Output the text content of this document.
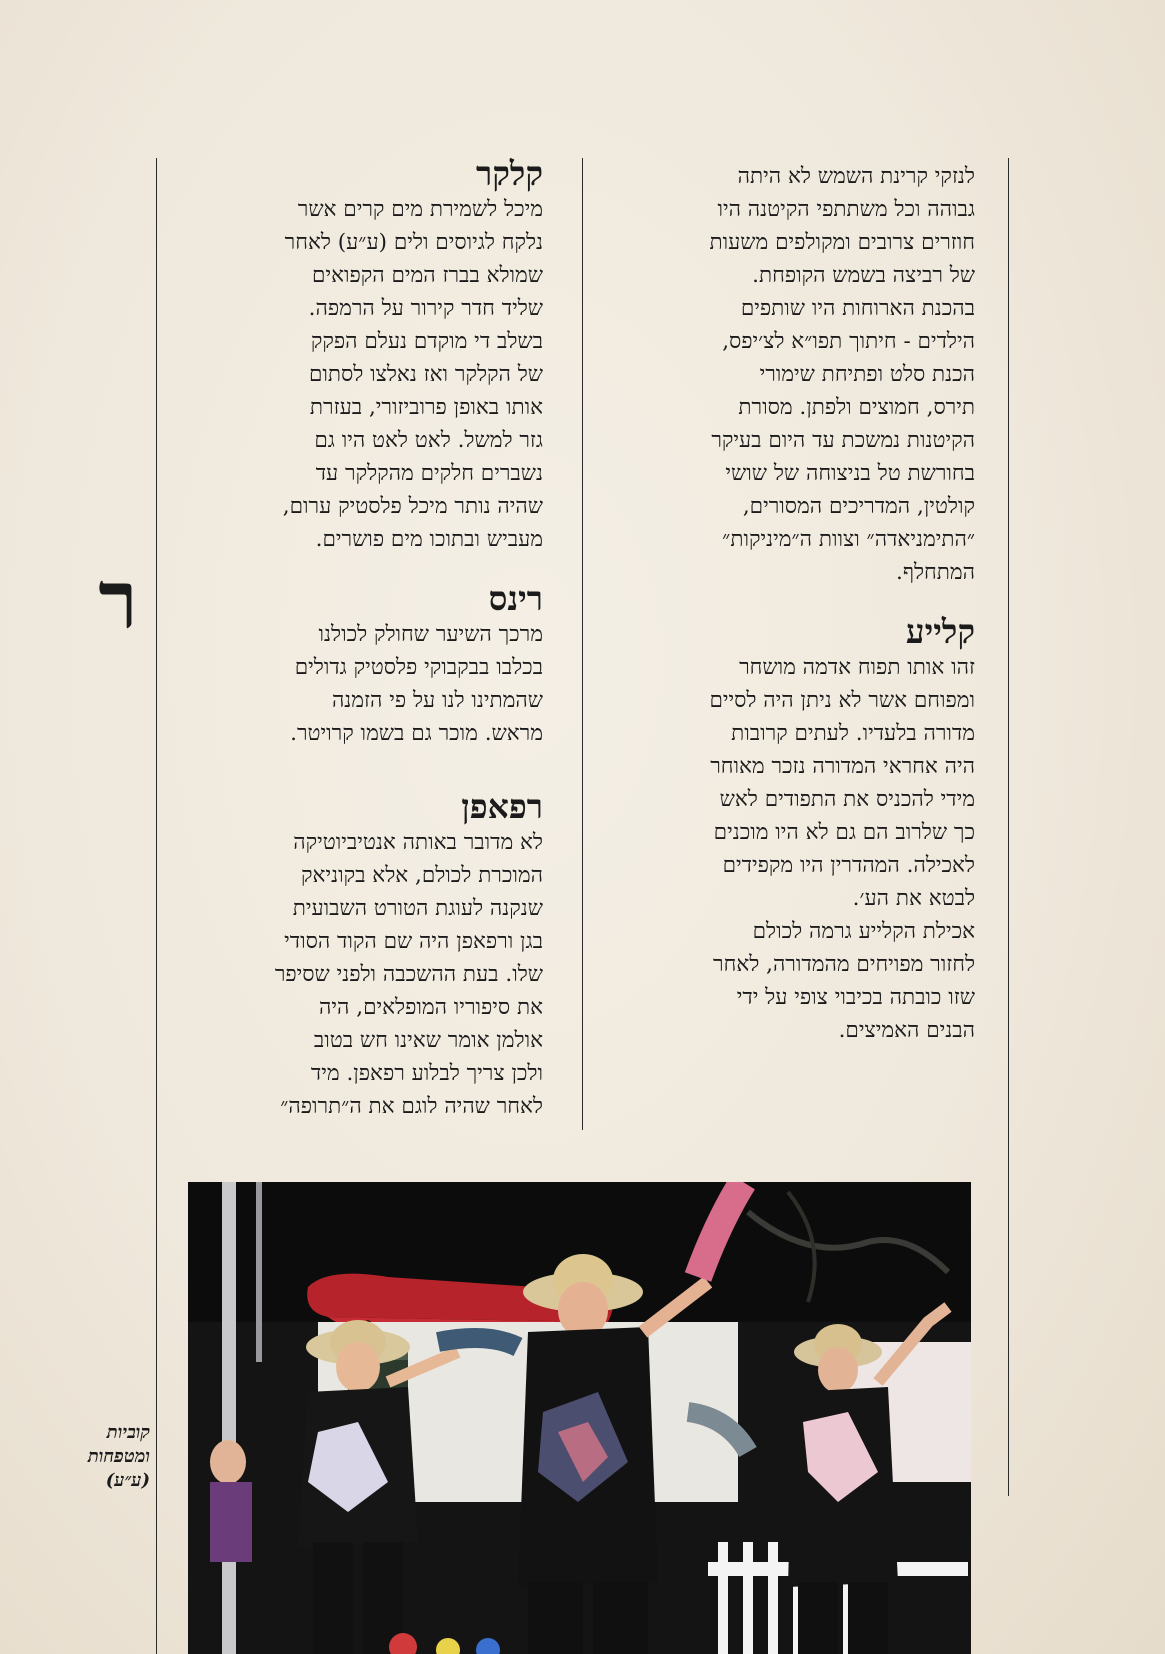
לנזקי קרינת השמש לא היתה

גבוהה וכל משתתפי הקיטנה היו

חוזרים צרובים ומקולפים משעות

של רביצה בשמש הקופחת.

בהכנת הארוחות היו שותפים

הילדים - חיתוך תפו״א לצ׳יפס,

הכנת סלט ופתיחת שימורי

תירס, חמוצים ולפתן. מסורת

הקיטנות נמשכת עד היום בעיקר

בחורשת טל בניצוחה של שושי

קולטין, המדריכים המסורים,

״התימניאדה״ וצוות ה״מיניקות״

המתחלף.

קלייע

זהו אותו תפוח אדמה מושחר

ומפוחם אשר לא ניתן היה לסיים

מדורה בלעדיו. לעתים קרובות

היה אחראי המדורה נזכר מאוחר

מידי להכניס את התפודים לאש

כך שלרוב הם גם לא היו מוכנים

לאכילה. המהדרין היו מקפידים

לבטא את הע׳.

אכילת הקלייע גרמה לכולם

לחזור מפויחים מהמדורה, לאחר

שזו כובתה בכיבוי צופי על ידי

הבנים האמיצים.

קלקר

מיכל לשמירת מים קרים אשר

נלקח לגיוסים ולים (ע״ע) לאחר

שמולא בברז המים הקפואים

שליד חדר קירור על הרמפה.

בשלב די מוקדם נעלם הפקק

של הקלקר ואז נאלצו לסתום

אותו באופן פרוביזורי, בעזרת

גזר למשל. לאט לאט היו גם

נשברים חלקים מהקלקר עד

שהיה נותר מיכל פלסטיק ערום,

מעביש ובתוכו מים פושרים.

רינס

מרכך השיער שחולק לכולנו

בכלבו בבקבוקי פלסטיק גדולים

שהמתינו לנו על פי הזמנה

מראש. מוכר גם בשמו קרויטר.

רפאפן

לא מדובר באותה אנטיביוטיקה

המוכרת לכולם, אלא בקוניאק

שנקנה לעוגת הטורט השבועית

בגן ורפאפן היה שם הקוד הסודי

שלו. בעת ההשכבה ולפני שסיפר

את סיפוריו המופלאים, היה

אולמן אומר שאינו חש בטוב

ולכן צריך לבלוע רפאפן. מיד

לאחר שהיה לוגם את ה״תרופה״

ר
קוביות
ומטפחות
(ע״ע)
